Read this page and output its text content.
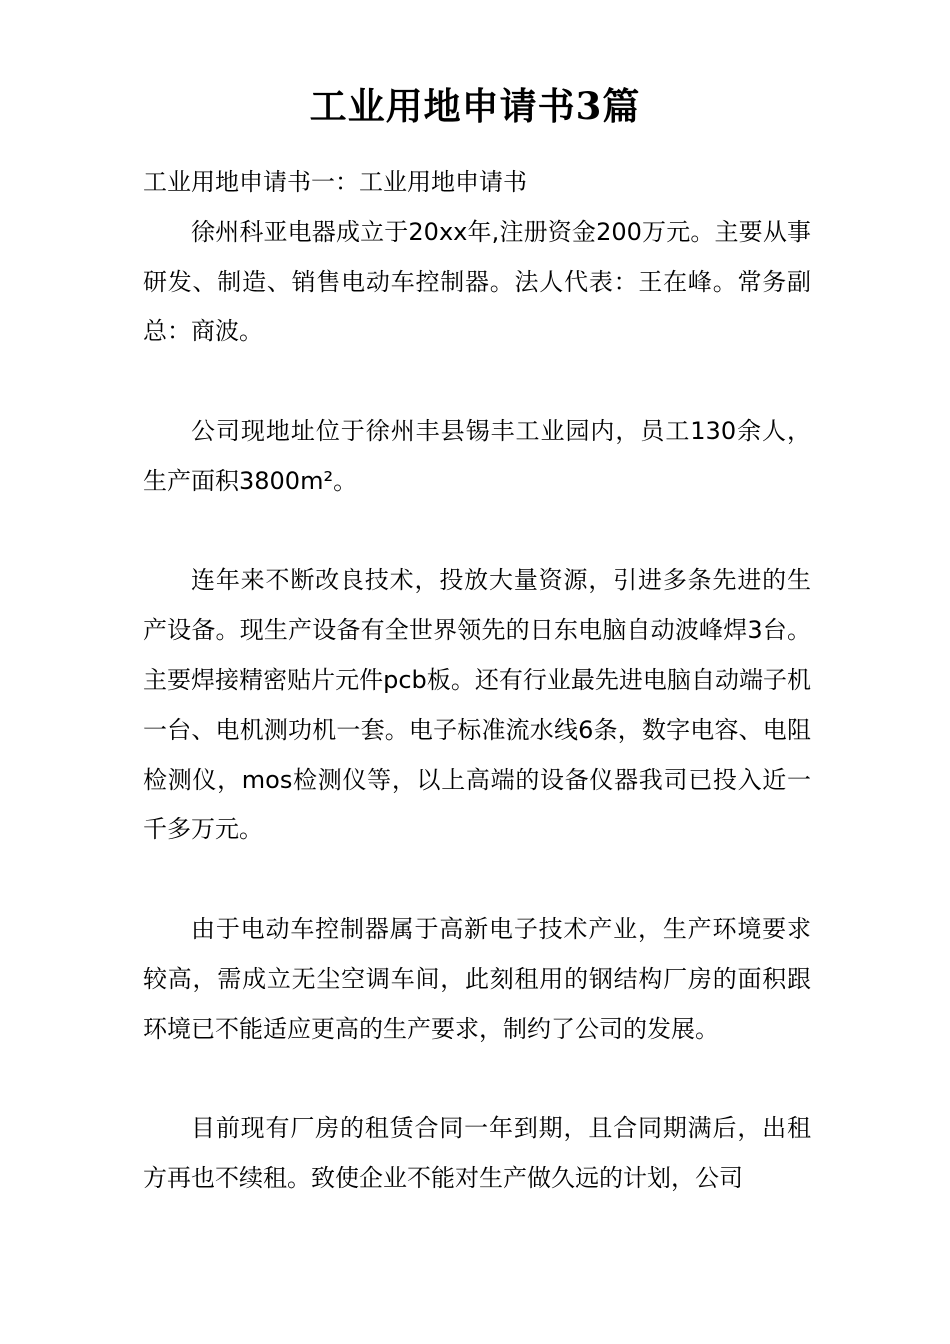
工业用地申请书3篇
工业用地申请书一：工业用地申请书

徐州科亚电器成立于20xx年,注册资金200万元。主要从事研发、制造、销售电动车控制器。法人代表：王在峰。常务副总：商波。

公司现地址位于徐州丰县锡丰工业园内，员工130余人，生产面积3800m²。

连年来不断改良技术，投放大量资源，引进多条先进的生产设备。现生产设备有全世界领先的日东电脑自动波峰焊3台。主要焊接精密贴片元件pcb板。还有行业最先进电脑自动端子机一台、电机测功机一套。电子标准流水线6条，数字电容、电阻检测仪，mos检测仪等，以上高端的设备仪器我司已投入近一千多万元。

由于电动车控制器属于高新电子技术产业，生产环境要求较高，需成立无尘空调车间，此刻租用的钢结构厂房的面积跟环境已不能适应更高的生产要求，制约了公司的发展。

目前现有厂房的租赁合同一年到期，且合同期满后，出租方再也不续租。致使企业不能对生产做久远的计划，公司
